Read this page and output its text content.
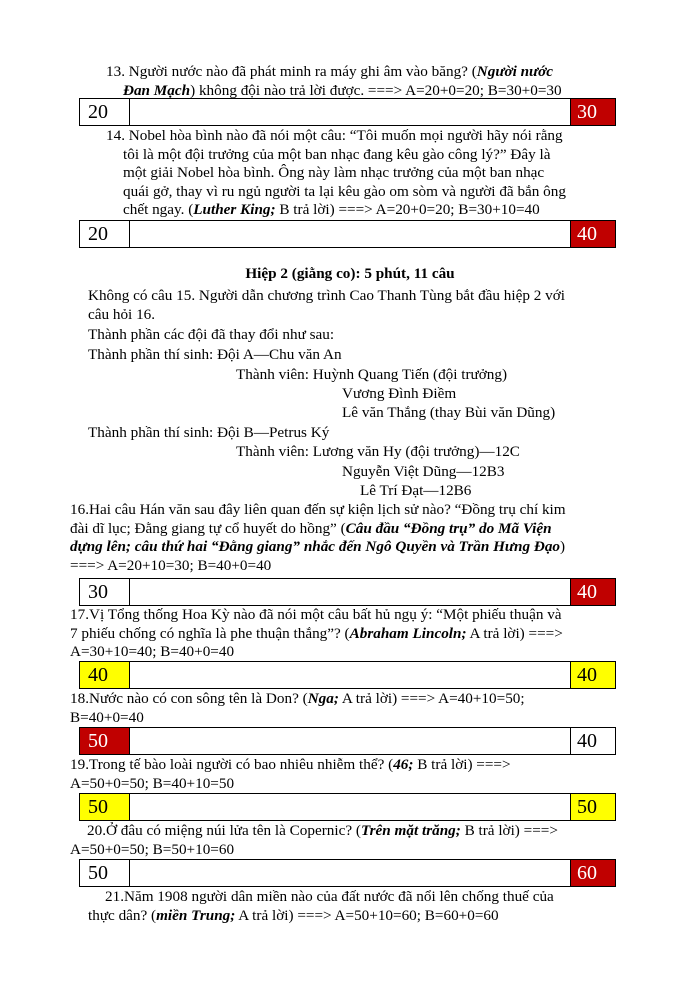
13. Người nước nào đã phát minh ra máy ghi âm vào băng? (Người nước
Đan Mạch) không đội nào trả lời được. ===> A=20+0=20; B=30+0=30
20	30
14. Nobel hòa bình nào đã nói một câu: “Tôi muốn mọi người hãy nói rằng
tôi là một đội trưởng của một ban nhạc đang kêu gào công lý?” Đây là
một giải Nobel hòa bình. Ông này làm nhạc trưởng của một ban nhạc
quái gở, thay vì ru ngủ người ta lại kêu gào om sòm và người đã bắn ông
chết ngay. (Luther King; B trả lời) ===> A=20+0=20; B=30+10=40
20	40
Hiệp 2 (giằng co): 5 phút, 11 câu
Không có câu 15. Người dẫn chương trình Cao Thanh Tùng bắt đầu hiệp 2 với
câu hỏi 16.
Thành phần các đội đã thay đổi như sau:
Thành phần thí sinh: Đội A—Chu văn An
Thành viên: Huỳnh Quang Tiến (đội trưởng)
Vương Đình Điềm
Lê văn Thắng (thay Bùi văn Dũng)
Thành phần thí sinh: Đội B—Petrus Ký
Thành viên: Lương văn Hy (đội trưởng)—12C
Nguyễn Việt Dũng—12B3
Lê Trí Đạt—12B6
16.Hai câu Hán văn sau đây liên quan đến sự kiện lịch sử nào? “Đồng trụ chí kim
đài dĩ lục; Đằng giang tự cổ huyết do hồng” (Câu đầu “Đồng trụ” do Mã Viện
dựng lên; câu thứ hai “Đằng giang” nhắc đến Ngô Quyền và Trần Hưng Đạo)
===> A=20+10=30; B=40+0=40
30	40
17.Vị Tổng thống Hoa Kỳ nào đã nói một câu bất hủ ngụ ý: “Một phiếu thuận và
7 phiếu chống có nghĩa là phe thuận thắng”? (Abraham Lincoln; A trả lời) ===>
A=30+10=40; B=40+0=40
40	40
18.Nước nào có con sông tên là Don? (Nga; A trả lời) ===> A=40+10=50;
B=40+0=40
50	40
19.Trong tế bào loài người có bao nhiêu nhiễm thể? (46; B trả lời) ===>
A=50+0=50; B=40+10=50
50	50
20.Ở đâu có miệng núi lửa tên là Copernic? (Trên mặt trăng; B trả lời) ===>
A=50+0=50; B=50+10=60
50	60
21.Năm 1908 người dân miền nào của đất nước đã nổi lên chống thuế của
thực dân? (miền Trung; A trả lời) ===> A=50+10=60; B=60+0=60
